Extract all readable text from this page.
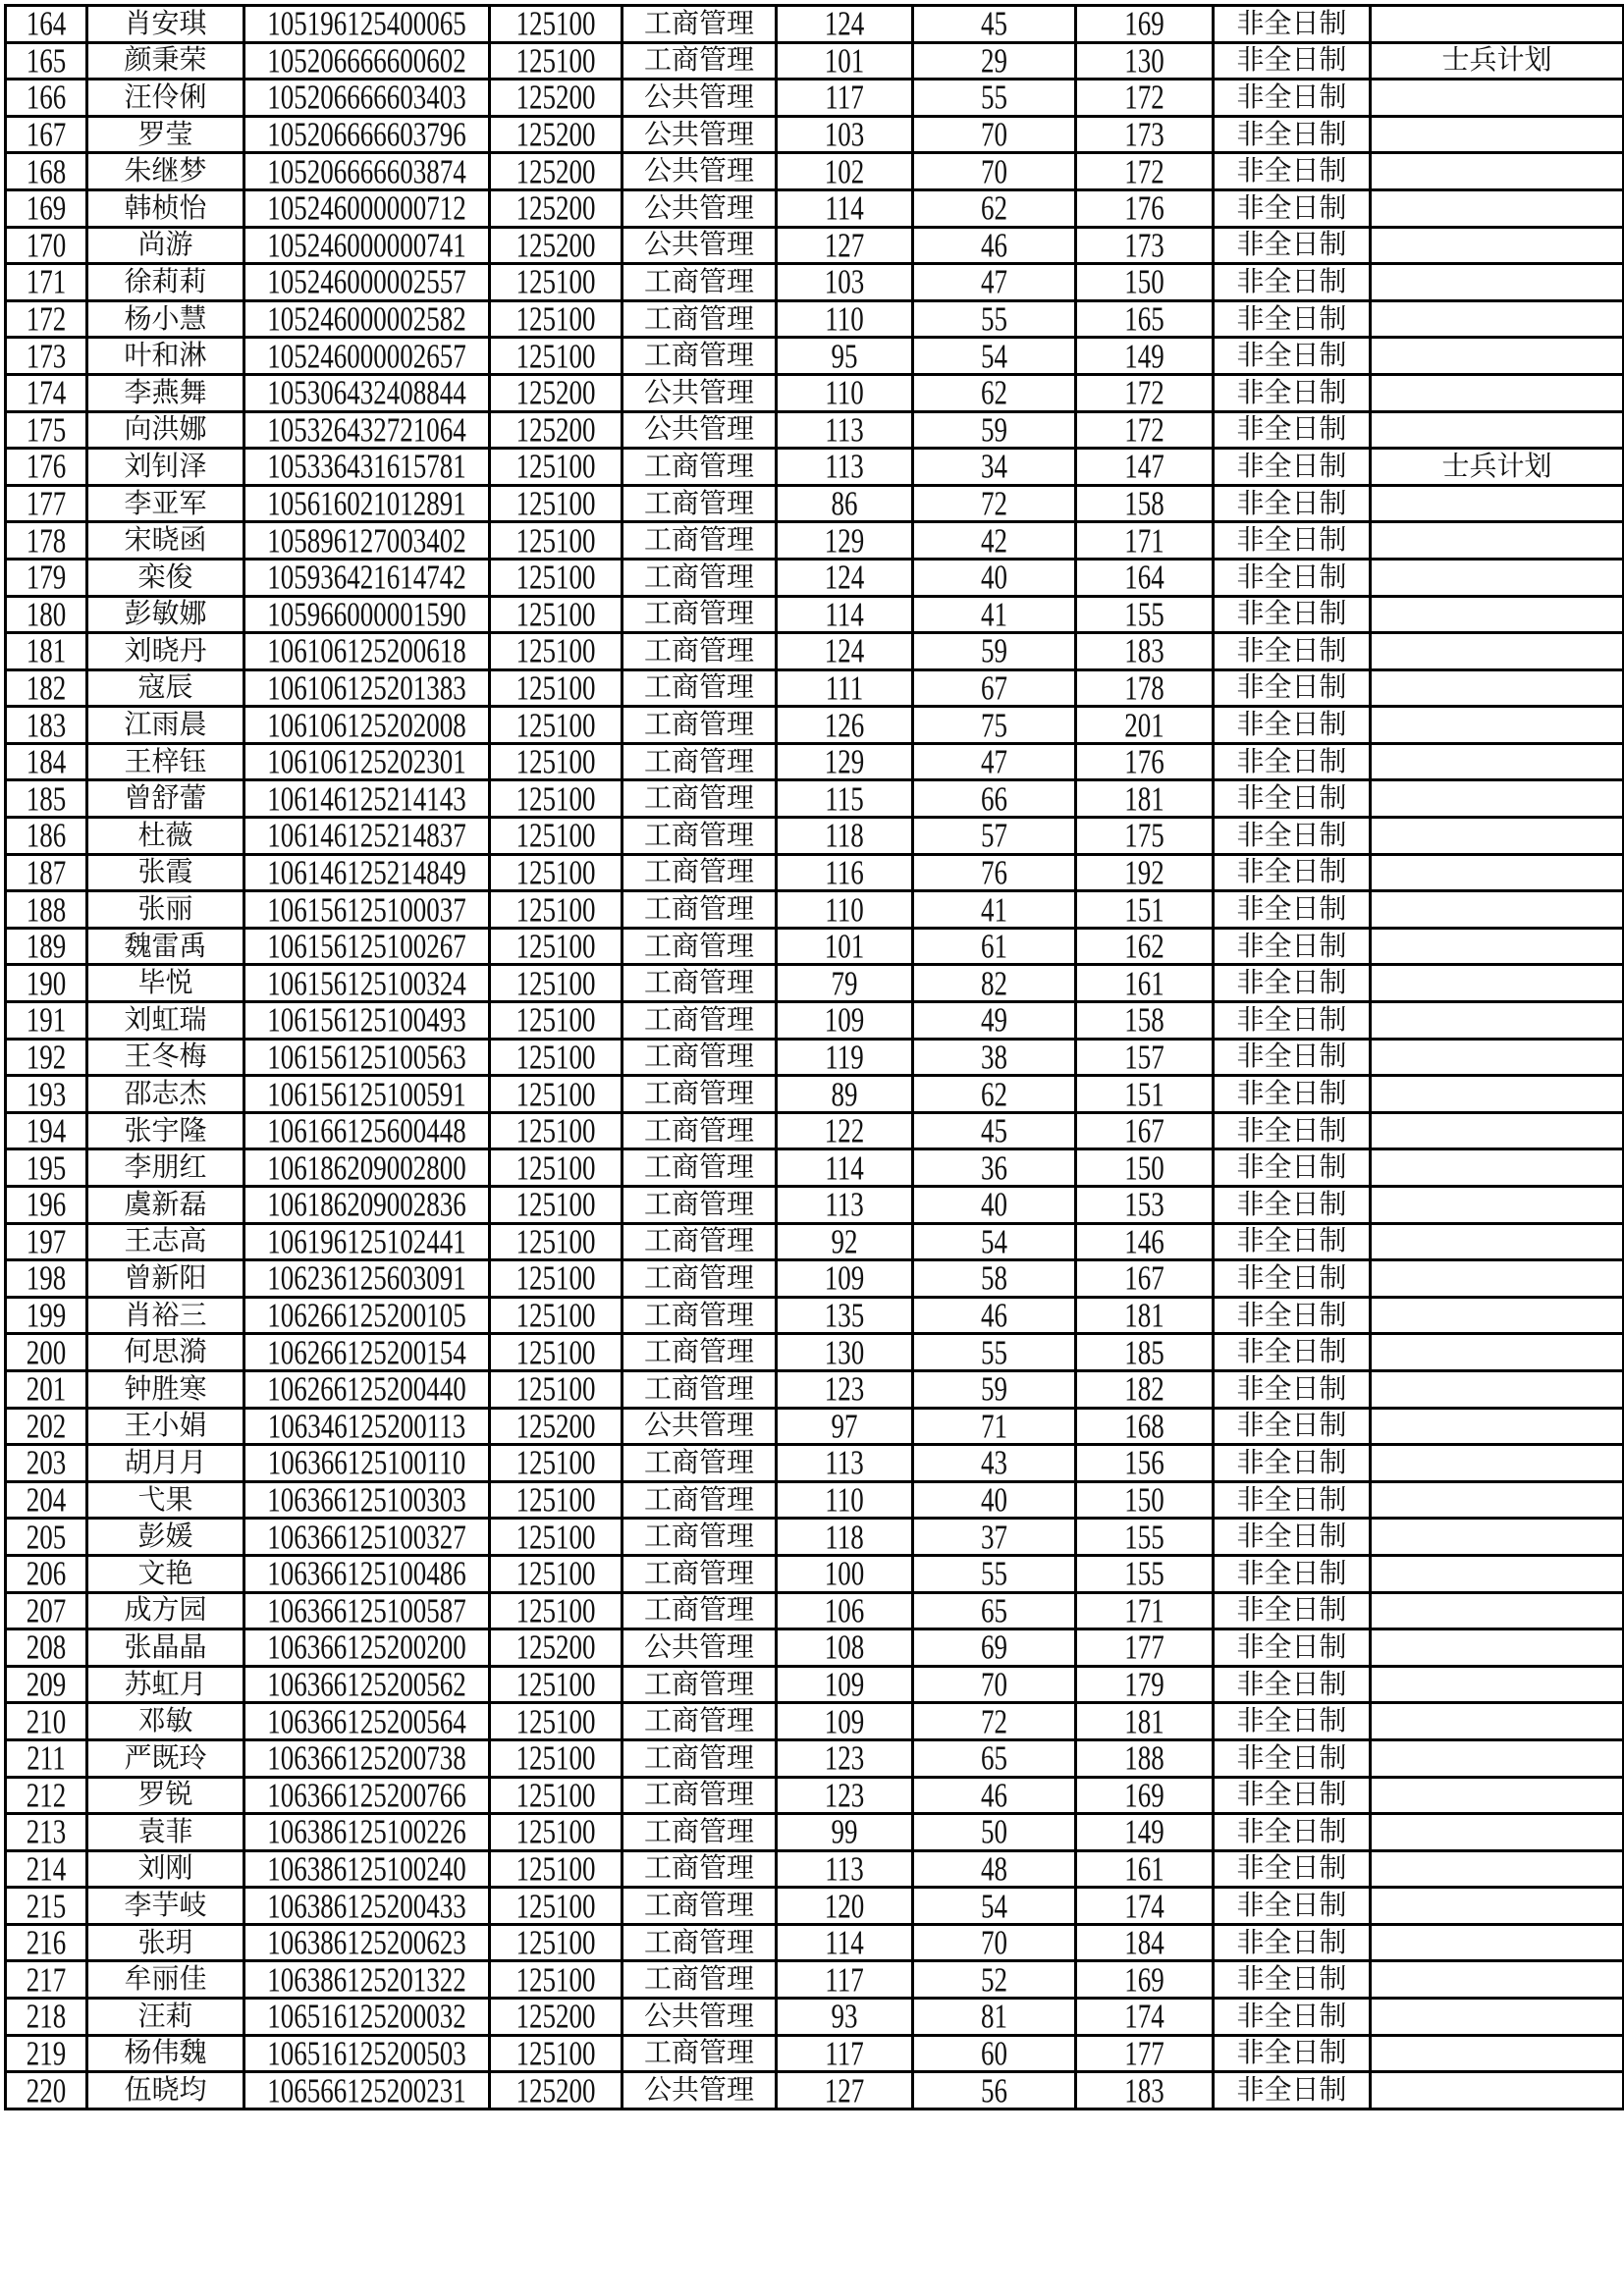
164	肖安琪	105196125400065	125100	工商管理	124	45	169	非全日制	
165	颜秉荣	105206666600602	125100	工商管理	101	29	130	非全日制	士兵计划
166	汪伶俐	105206666603403	125200	公共管理	117	55	172	非全日制	
167	罗莹	105206666603796	125200	公共管理	103	70	173	非全日制	
168	朱继梦	105206666603874	125200	公共管理	102	70	172	非全日制	
169	韩桢怡	105246000000712	125200	公共管理	114	62	176	非全日制	
170	尚游	105246000000741	125200	公共管理	127	46	173	非全日制	
171	徐莉莉	105246000002557	125100	工商管理	103	47	150	非全日制	
172	杨小慧	105246000002582	125100	工商管理	110	55	165	非全日制	
173	叶和淋	105246000002657	125100	工商管理	95	54	149	非全日制	
174	李燕舞	105306432408844	125200	公共管理	110	62	172	非全日制	
175	向洪娜	105326432721064	125200	公共管理	113	59	172	非全日制	
176	刘钊泽	105336431615781	125100	工商管理	113	34	147	非全日制	士兵计划
177	李亚军	105616021012891	125100	工商管理	86	72	158	非全日制	
178	宋晓函	105896127003402	125100	工商管理	129	42	171	非全日制	
179	栾俊	105936421614742	125100	工商管理	124	40	164	非全日制	
180	彭敏娜	105966000001590	125100	工商管理	114	41	155	非全日制	
181	刘晓丹	106106125200618	125100	工商管理	124	59	183	非全日制	
182	寇辰	106106125201383	125100	工商管理	111	67	178	非全日制	
183	江雨晨	106106125202008	125100	工商管理	126	75	201	非全日制	
184	王梓钰	106106125202301	125100	工商管理	129	47	176	非全日制	
185	曾舒蕾	106146125214143	125100	工商管理	115	66	181	非全日制	
186	杜薇	106146125214837	125100	工商管理	118	57	175	非全日制	
187	张霞	106146125214849	125100	工商管理	116	76	192	非全日制	
188	张丽	106156125100037	125100	工商管理	110	41	151	非全日制	
189	魏雷禹	106156125100267	125100	工商管理	101	61	162	非全日制	
190	毕悦	106156125100324	125100	工商管理	79	82	161	非全日制	
191	刘虹瑞	106156125100493	125100	工商管理	109	49	158	非全日制	
192	王冬梅	106156125100563	125100	工商管理	119	38	157	非全日制	
193	邵志杰	106156125100591	125100	工商管理	89	62	151	非全日制	
194	张宇隆	106166125600448	125100	工商管理	122	45	167	非全日制	
195	李朋红	106186209002800	125100	工商管理	114	36	150	非全日制	
196	虞新磊	106186209002836	125100	工商管理	113	40	153	非全日制	
197	王志高	106196125102441	125100	工商管理	92	54	146	非全日制	
198	曾新阳	106236125603091	125100	工商管理	109	58	167	非全日制	
199	肖裕三	106266125200105	125100	工商管理	135	46	181	非全日制	
200	何思漪	106266125200154	125100	工商管理	130	55	185	非全日制	
201	钟胜寒	106266125200440	125100	工商管理	123	59	182	非全日制	
202	王小娟	106346125200113	125200	公共管理	97	71	168	非全日制	
203	胡月月	106366125100110	125100	工商管理	113	43	156	非全日制	
204	弋果	106366125100303	125100	工商管理	110	40	150	非全日制	
205	彭媛	106366125100327	125100	工商管理	118	37	155	非全日制	
206	文艳	106366125100486	125100	工商管理	100	55	155	非全日制	
207	成方园	106366125100587	125100	工商管理	106	65	171	非全日制	
208	张晶晶	106366125200200	125200	公共管理	108	69	177	非全日制	
209	苏虹月	106366125200562	125100	工商管理	109	70	179	非全日制	
210	邓敏	106366125200564	125100	工商管理	109	72	181	非全日制	
211	严既玲	106366125200738	125100	工商管理	123	65	188	非全日制	
212	罗锐	106366125200766	125100	工商管理	123	46	169	非全日制	
213	袁菲	106386125100226	125100	工商管理	99	50	149	非全日制	
214	刘刚	106386125100240	125100	工商管理	113	48	161	非全日制	
215	李芋岐	106386125200433	125100	工商管理	120	54	174	非全日制	
216	张玥	106386125200623	125100	工商管理	114	70	184	非全日制	
217	牟丽佳	106386125201322	125100	工商管理	117	52	169	非全日制	
218	汪莉	106516125200032	125200	公共管理	93	81	174	非全日制	
219	杨伟魏	106516125200503	125100	工商管理	117	60	177	非全日制	
220	伍晓均	106566125200231	125200	公共管理	127	56	183	非全日制	
